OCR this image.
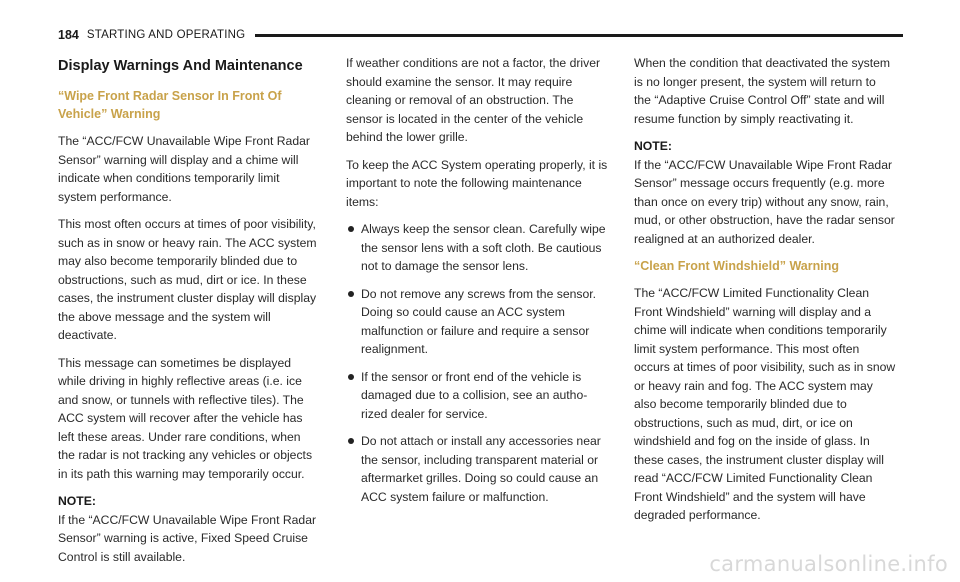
184 STARTING AND OPERATING
Display Warnings And Maintenance
“Wipe Front Radar Sensor In Front Of Vehicle” Warning
The “ACC/FCW Unavailable Wipe Front Radar Sensor” warning will display and a chime will indicate when conditions temporarily limit system performance.
This most often occurs at times of poor visibility, such as in snow or heavy rain. The ACC system may also become temporarily blinded due to obstructions, such as mud, dirt or ice. In these cases, the instrument cluster display will display the above message and the system will deactivate.
This message can sometimes be displayed while driving in highly reflective areas (i.e. ice and snow, or tunnels with reflective tiles). The ACC system will recover after the vehicle has left these areas. Under rare conditions, when the radar is not tracking any vehicles or objects in its path this warning may temporarily occur.
NOTE:
If the “ACC/FCW Unavailable Wipe Front Radar Sensor” warning is active, Fixed Speed Cruise Control is still available.
If weather conditions are not a factor, the driver should examine the sensor. It may require cleaning or removal of an obstruction. The sensor is located in the center of the vehicle behind the lower grille.
To keep the ACC System operating properly, it is important to note the following maintenance items:
Always keep the sensor clean. Carefully wipe the sensor lens with a soft cloth. Be cautious not to damage the sensor lens.
Do not remove any screws from the sensor. Doing so could cause an ACC system malfunction or failure and require a sensor realignment.
If the sensor or front end of the vehicle is damaged due to a collision, see an autho-rized dealer for service.
Do not attach or install any accessories near the sensor, including transparent material or aftermarket grilles. Doing so could cause an ACC system failure or malfunction.
When the condition that deactivated the system is no longer present, the system will return to the “Adaptive Cruise Control Off” state and will resume function by simply reactivating it.
NOTE:
If the “ACC/FCW Unavailable Wipe Front Radar Sensor” message occurs frequently (e.g. more than once on every trip) without any snow, rain, mud, or other obstruction, have the radar sensor realigned at an authorized dealer.
“Clean Front Windshield” Warning
The “ACC/FCW Limited Functionality Clean Front Windshield” warning will display and a chime will indicate when conditions temporarily limit system performance. This most often occurs at times of poor visibility, such as in snow or heavy rain and fog. The ACC system may also become temporarily blinded due to obstructions, such as mud, dirt, or ice on windshield and fog on the inside of glass. In these cases, the instrument cluster display will read “ACC/FCW Limited Functionality Clean Front Windshield” and the system will have degraded performance.
carmanualsonline.info
